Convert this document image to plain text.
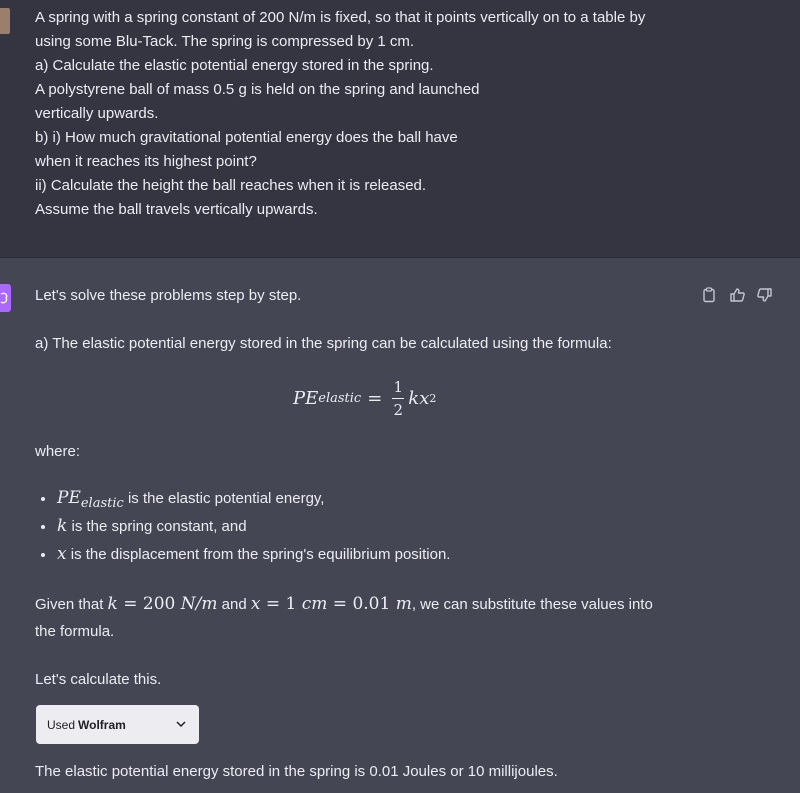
A spring with a spring constant of 200 N/m is fixed, so that it points vertically on to a table by
using some Blu-Tack. The spring is compressed by 1 cm.
a) Calculate the elastic potential energy stored in the spring.
A polystyrene ball of mass 0.5 g is held on the spring and launched
vertically upwards.
b) i) How much gravitational potential energy does the ball have
when it reaches its highest point?
ii) Calculate the height the ball reaches when it is released.
Assume the ball travels vertically upwards.
Let's solve these problems step by step.
a) The elastic potential energy stored in the spring can be calculated using the formula:
PE elastic = $\frac{1}{2}$ kx 2
where:
PEelastic is the elastic potential energy,
k is the spring constant, and
x is the displacement from the spring's equilibrium position.
Given that k = 200 N/m and x = 1 cm = 0.01 m, we can substitute these values into
the formula.
Let's calculate this.
Used Wolfram
The elastic potential energy stored in the spring is 0.01 Joules or 10 millijoules.
